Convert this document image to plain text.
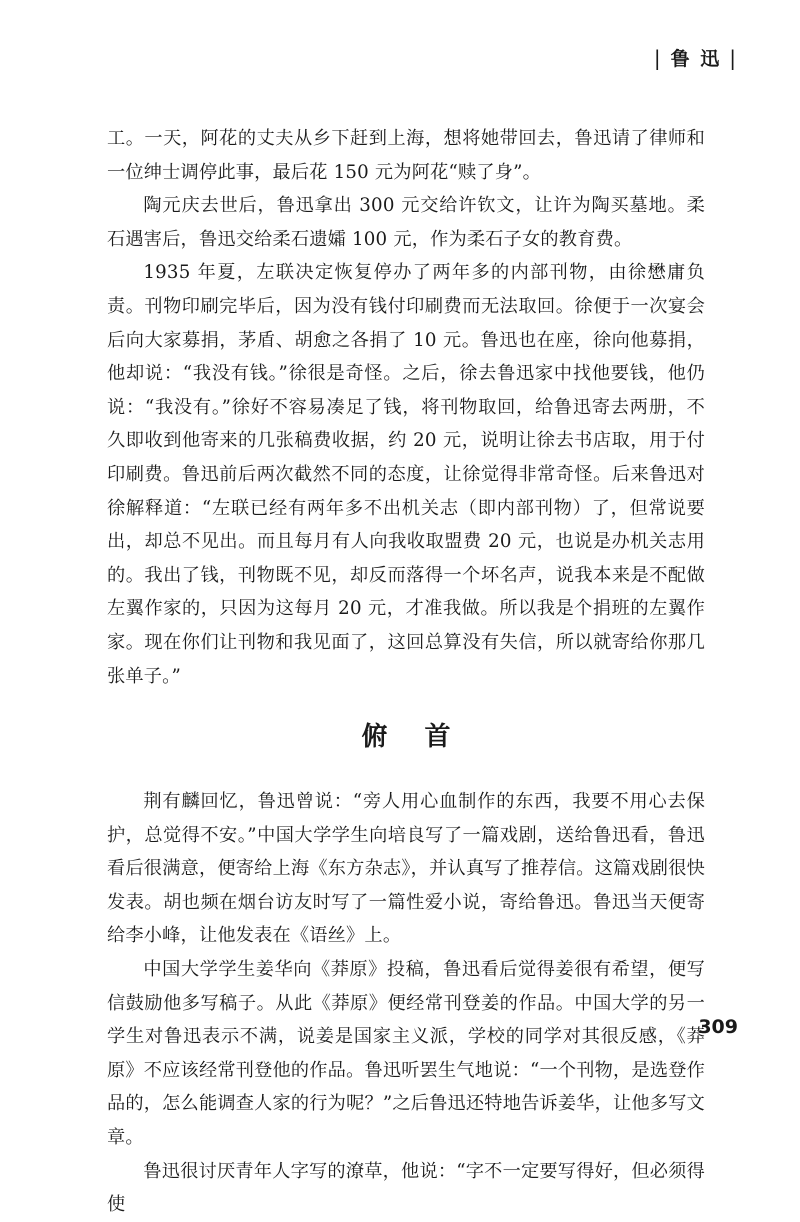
| 鲁 迅 |

工。一天，阿花的丈夫从乡下赶到上海，想将她带回去，鲁迅请了律师和一位绅士调停此事，最后花 150 元为阿花“赎了身”。

陶元庆去世后，鲁迅拿出 300 元交给许钦文，让许为陶买墓地。柔石遇害后，鲁迅交给柔石遗孀 100 元，作为柔石子女的教育费。

1935 年夏，左联决定恢复停办了两年多的内部刊物，由徐懋庸负责。刊物印刷完毕后，因为没有钱付印刷费而无法取回。徐便于一次宴会后向大家募捐，茅盾、胡愈之各捐了 10 元。鲁迅也在座，徐向他募捐，他却说：“我没有钱。”徐很是奇怪。之后，徐去鲁迅家中找他要钱，他仍说：“我没有。”徐好不容易凑足了钱，将刊物取回，给鲁迅寄去两册，不久即收到他寄来的几张稿费收据，约 20 元，说明让徐去书店取，用于付印刷费。鲁迅前后两次截然不同的态度，让徐觉得非常奇怪。后来鲁迅对徐解释道：“左联已经有两年多不出机关志（即内部刊物）了，但常说要出，却总不见出。而且每月有人向我收取盟费 20 元，也说是办机关志用的。我出了钱，刊物既不见，却反而落得一个坏名声，说我本来是不配做左翼作家的，只因为这每月 20 元，才准我做。所以我是个捐班的左翼作家。现在你们让刊物和我见面了，这回总算没有失信，所以就寄给你那几张单子。”

俯 首

荆有麟回忆，鲁迅曾说：“旁人用心血制作的东西，我要不用心去保护，总觉得不安。”中国大学学生向培良写了一篇戏剧，送给鲁迅看，鲁迅看后很满意，便寄给上海《东方杂志》，并认真写了推荐信。这篇戏剧很快发表。胡也频在烟台访友时写了一篇性爱小说，寄给鲁迅。鲁迅当天便寄给李小峰，让他发表在《语丝》上。

中国大学学生姜华向《莽原》投稿，鲁迅看后觉得姜很有希望，便写信鼓励他多写稿子。从此《莽原》便经常刊登姜的作品。中国大学的另一学生对鲁迅表示不满，说姜是国家主义派，学校的同学对其很反感，《莽原》不应该经常刊登他的作品。鲁迅听罢生气地说：“一个刊物，是选登作品的，怎么能调查人家的行为呢？”之后鲁迅还特地告诉姜华，让他多写文章。

鲁迅很讨厌青年人字写的潦草，他说：“字不一定要写得好，但必须得使

309
